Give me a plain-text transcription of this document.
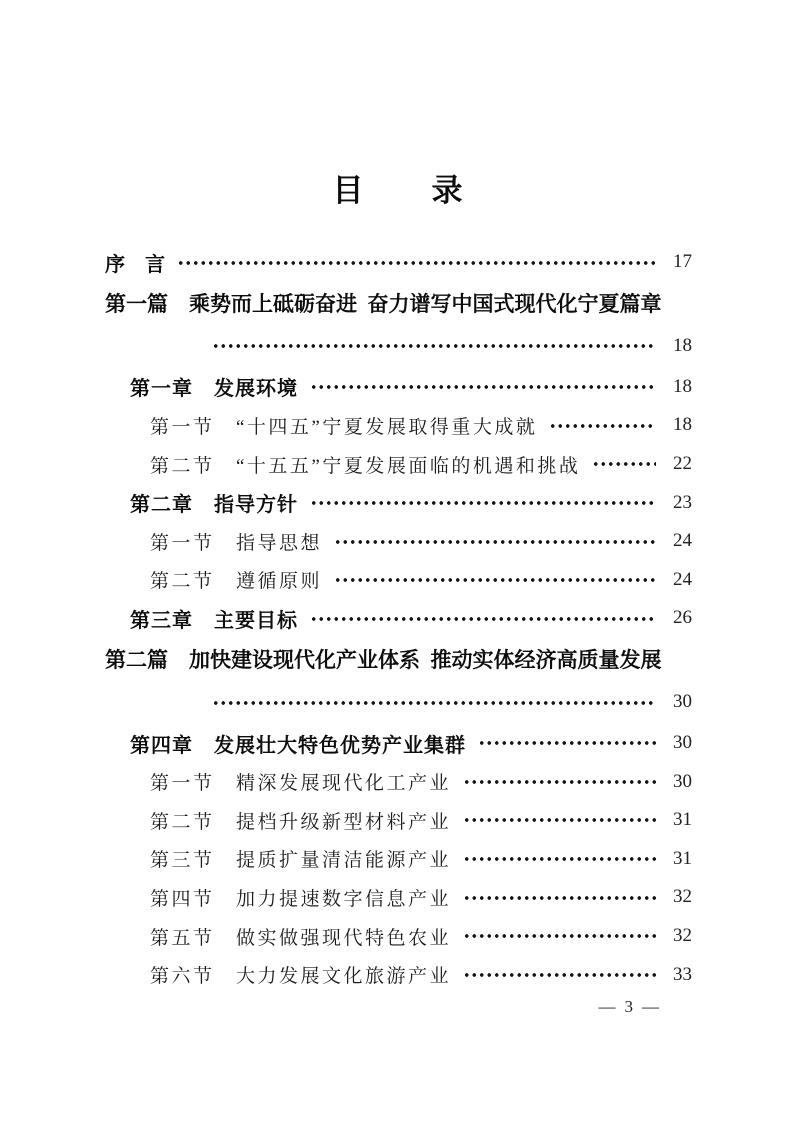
目　　录
序　言	17
第一篇　乘势而上砥砺奋进 奋力谱写中国式现代化宁夏篇章
18
第一章　发展环境	18
第一节　“十四五”宁夏发展取得重大成就	18
第二节　“十五五”宁夏发展面临的机遇和挑战	22
第二章　指导方针	23
第一节　指导思想	24
第二节　遵循原则	24
第三章　主要目标	26
第二篇　加快建设现代化产业体系 推动实体经济高质量发展
30
第四章　发展壮大特色优势产业集群	30
第一节　精深发展现代化工产业	30
第二节　提档升级新型材料产业	31
第三节　提质扩量清洁能源产业	31
第四节　加力提速数字信息产业	32
第五节　做实做强现代特色农业	32
第六节　大力发展文化旅游产业	33
— 3 —
